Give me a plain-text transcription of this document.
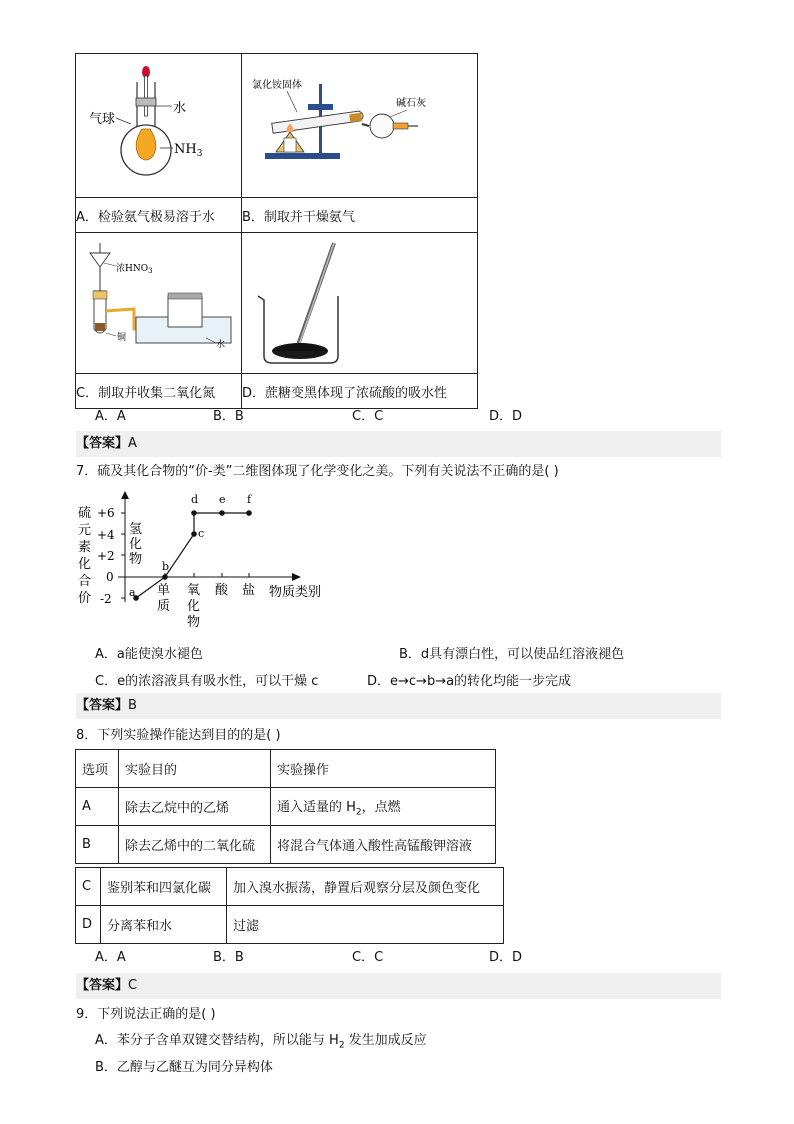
水
气球
$NH_3$	氯化铵固体
碱石灰

A．检验氨气极易溶于水	B．制取并干燥氨气

浓$HNO_3$
铜
水

C．制取并收集二氧化氮	D．蔗糖变黑体现了浓硫酸的吸水性
A．A	B．B	C．C	D．D
【答案】A
7．硫及其化合物的“价-类”二维图体现了化学变化之美。下列有关说法不正确的是( )
硫
元
素
化
合
价
+6
+4
+2
0
-2
氢
化
物
单
质
氧
化
物
酸 盐 物质类别
a
b
c
d e f
A．a能使溴水褪色	B．d具有漂白性，可以使品红溶液褪色
C．e的浓溶液具有吸水性，可以干燥 c	D．e→c→b→a的转化均能一步完成
【答案】B
8．下列实验操作能达到目的的是( )
选项	实验目的	实验操作
A	除去乙烷中的乙烯	通入适量的 $H_2$，点燃
B	除去乙烯中的二氧化硫	将混合气体通入酸性高锰酸钾溶液
C	鉴别苯和四氯化碳	加入溴水振荡，静置后观察分层及颜色变化
D	分离苯和水	过滤
A．A	B．B	C．C	D．D
【答案】C
9．下列说法正确的是( )
A．苯分子含单双键交替结构，所以能与 $H_2$ 发生加成反应
B．乙醇与乙醚互为同分异构体
